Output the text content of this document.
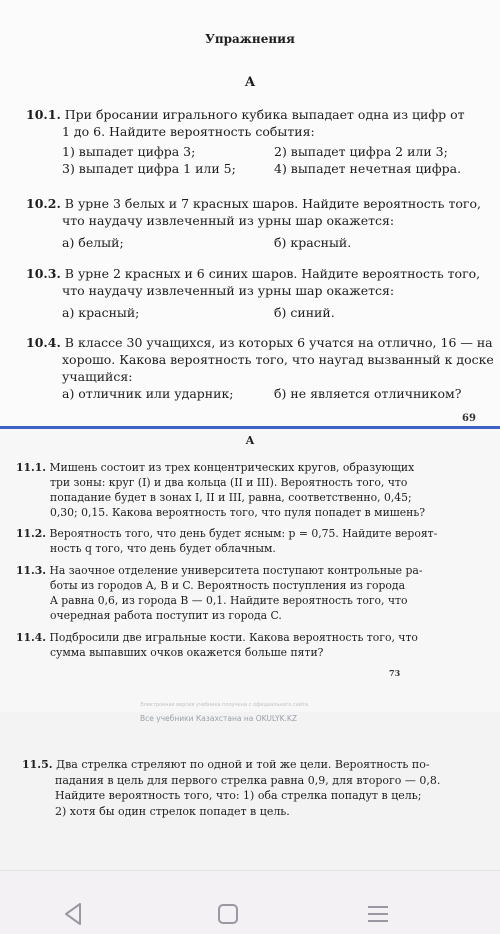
Упражнения
А
10.1. При бросании игрального кубика выпадает одна из цифр от
1 до 6. Найдите вероятность события:
1) выпадет цифра 3;	2) выпадет цифра 2 или 3;
3) выпадет цифра 1 или 5;	4) выпадет нечетная цифра.
10.2. В урне 3 белых и 7 красных шаров. Найдите вероятность того,
что наудачу извлеченный из урны шар окажется:
а) белый;	б) красный.
10.3. В урне 2 красных и 6 синих шаров. Найдите вероятность того,
что наудачу извлеченный из урны шар окажется:
а) красный;	б) синий.
10.4. В классе 30 учащихся, из которых 6 учатся на отлично, 16 — на
хорошо. Какова вероятность того, что наугад вызванный к доске
учащийся:
а) отличник или ударник;	б) не является отличником?
69
А
11.1. Мишень состоит из трех концентрических кругов, образующих
три зоны: круг (I) и два кольца (II и III). Вероятность того, что
попадание будет в зонах I, II и III, равна, соответственно, 0,45;
0,30; 0,15. Какова вероятность того, что пуля попадет в мишень?
11.2. Вероятность того, что день будет ясным: p = 0,75. Найдите вероят-
ность q того, что день будет облачным.
11.3. На заочное отделение университета поступают контрольные ра-
боты из городов A, B и C. Вероятность поступления из города
A равна 0,6, из города B — 0,1. Найдите вероятность того, что
очередная работа поступит из города C.
11.4. Подбросили две игральные кости. Какова вероятность того, что
сумма выпавших очков окажется больше пяти?
73
Электронная версия учебника получена с официального сайта
Все учебники Казахстана на OKULYK.KZ
11.5. Два стрелка стреляют по одной и той же цели. Вероятность по-
падания в цель для первого стрелка равна 0,9, для второго — 0,8.
Найдите вероятность того, что: 1) оба стрелка попадут в цель;
2) хотя бы один стрелок попадет в цель.
